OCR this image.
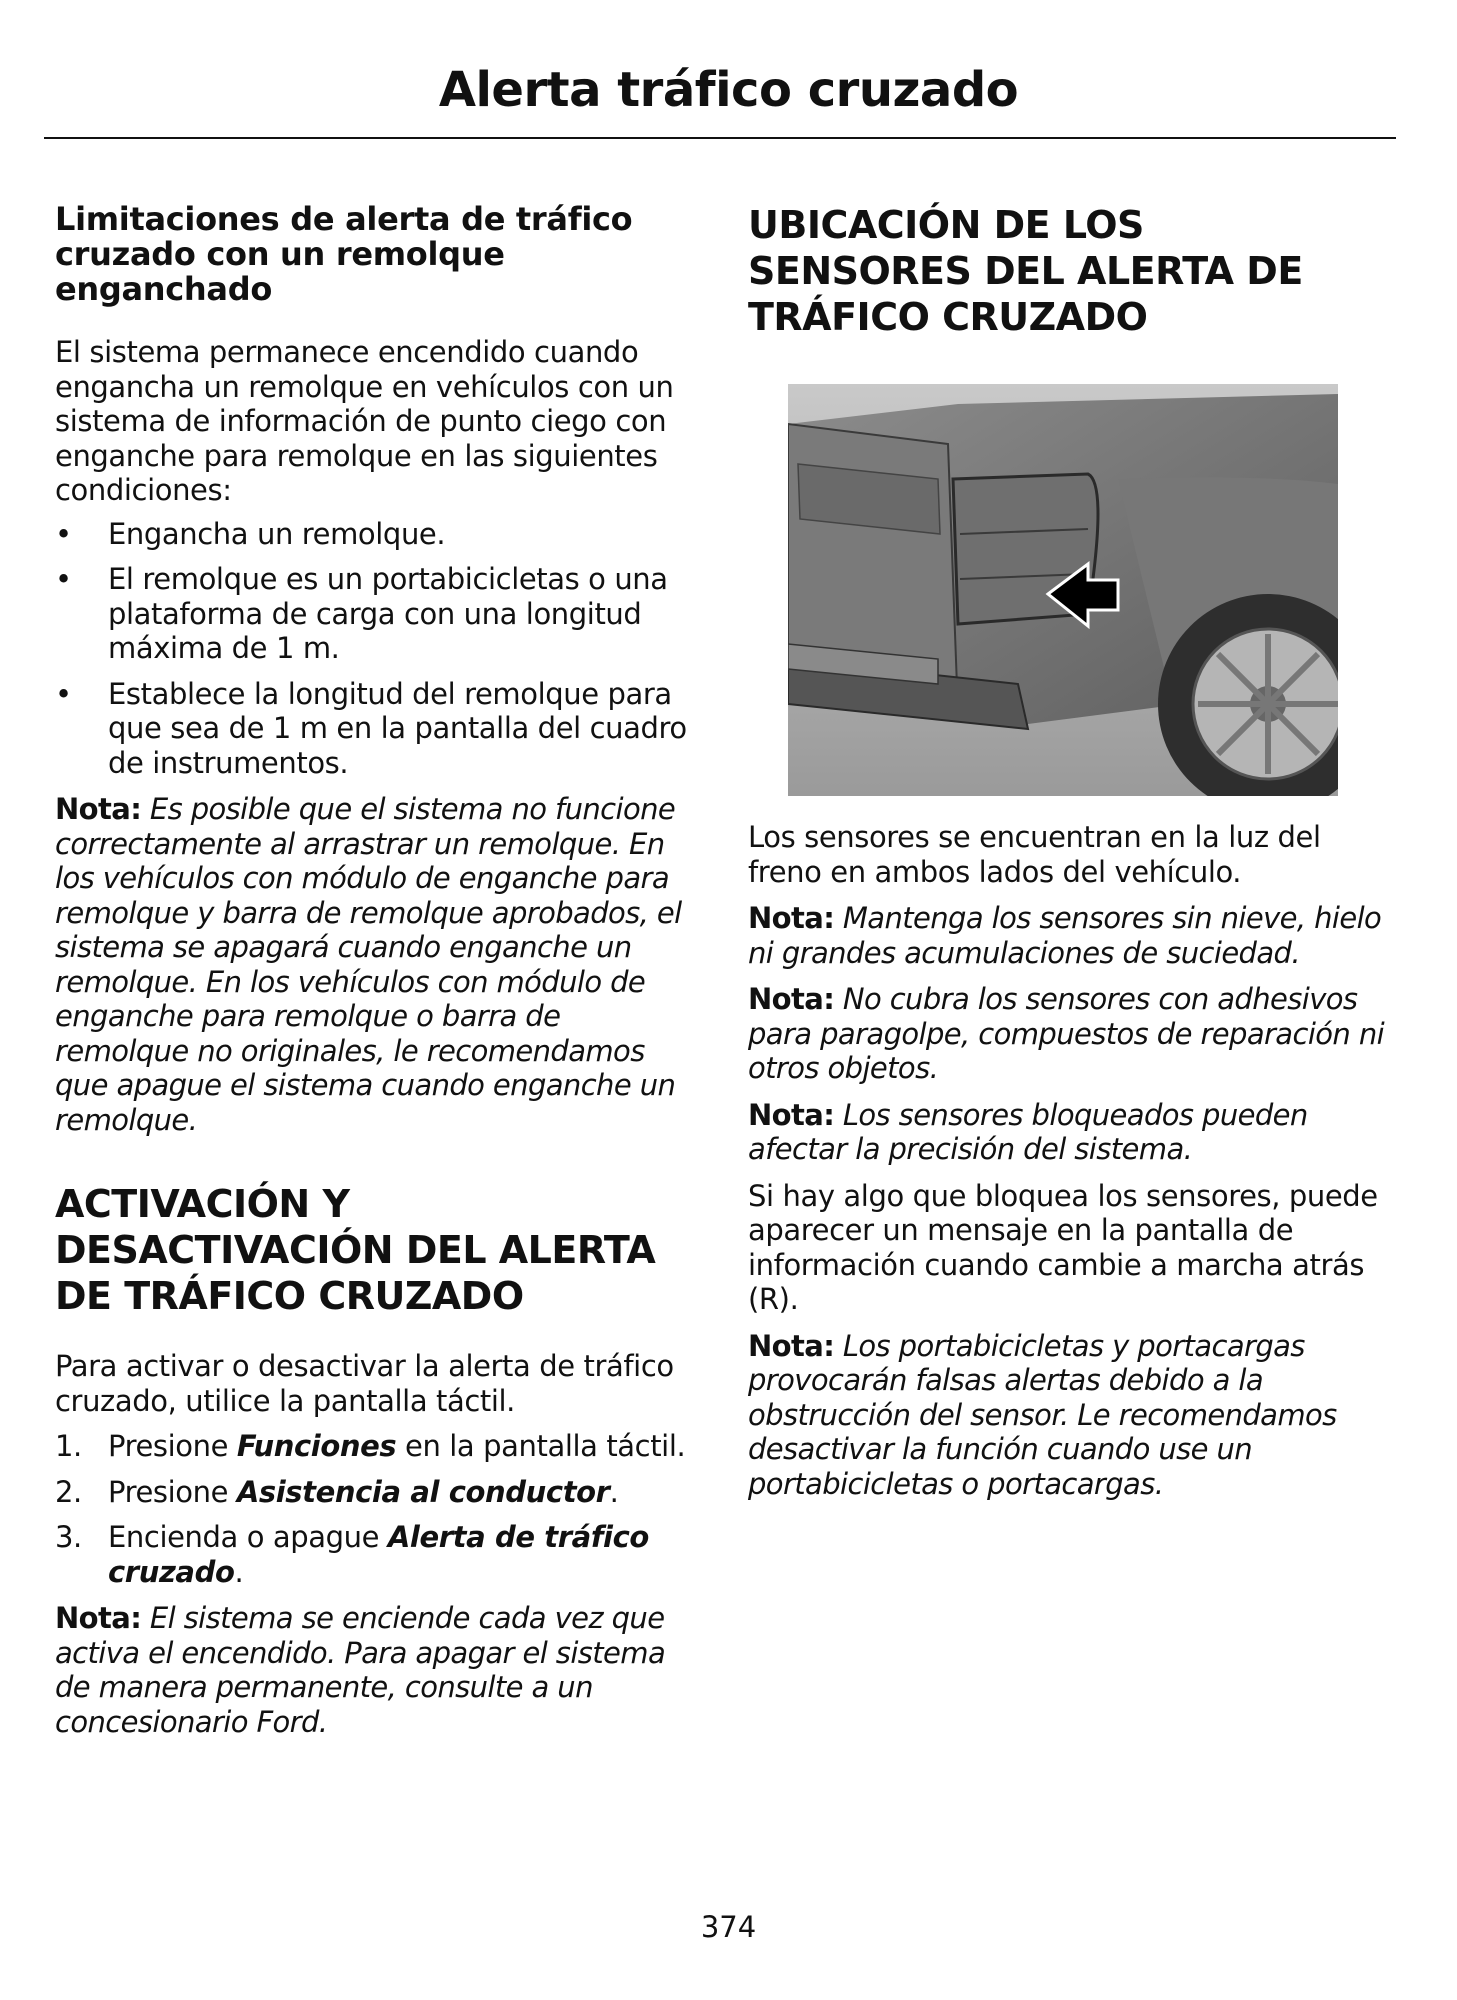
Alerta tráfico cruzado
Limitaciones de alerta de tráfico cruzado con un remolque enganchado

El sistema permanece encendido cuando engancha un remolque en vehículos con un sistema de información de punto ciego con enganche para remolque en las siguientes condiciones:

• Engancha un remolque.
• El remolque es un portabicicletas o una plataforma de carga con una longitud máxima de 1 m.
• Establece la longitud del remolque para que sea de 1 m en la pantalla del cuadro de instrumentos.

Nota: Es posible que el sistema no funcione correctamente al arrastrar un remolque. En los vehículos con módulo de enganche para remolque y barra de remolque aprobados, el sistema se apagará cuando enganche un remolque. En los vehículos con módulo de enganche para remolque o barra de remolque no originales, le recomendamos que apague el sistema cuando enganche un remolque.

ACTIVACIÓN Y DESACTIVACIÓN DEL ALERTA DE TRÁFICO CRUZADO

Para activar o desactivar la alerta de tráfico cruzado, utilice la pantalla táctil.

1. Presione Funciones en la pantalla táctil.
2. Presione Asistencia al conductor.
3. Encienda o apague Alerta de tráfico cruzado.

Nota: El sistema se enciende cada vez que activa el encendido. Para apagar el sistema de manera permanente, consulte a un concesionario Ford.

UBICACIÓN DE LOS SENSORES DEL ALERTA DE TRÁFICO CRUZADO

Los sensores se encuentran en la luz del freno en ambos lados del vehículo.

Nota: Mantenga los sensores sin nieve, hielo ni grandes acumulaciones de suciedad.

Nota: No cubra los sensores con adhesivos para paragolpe, compuestos de reparación ni otros objetos.

Nota: Los sensores bloqueados pueden afectar la precisión del sistema.

Si hay algo que bloquea los sensores, puede aparecer un mensaje en la pantalla de información cuando cambie a marcha atrás (R).

Nota: Los portabicicletas y portacargas provocarán falsas alertas debido a la obstrucción del sensor. Le recomendamos desactivar la función cuando use un portabicicletas o portacargas.

374
